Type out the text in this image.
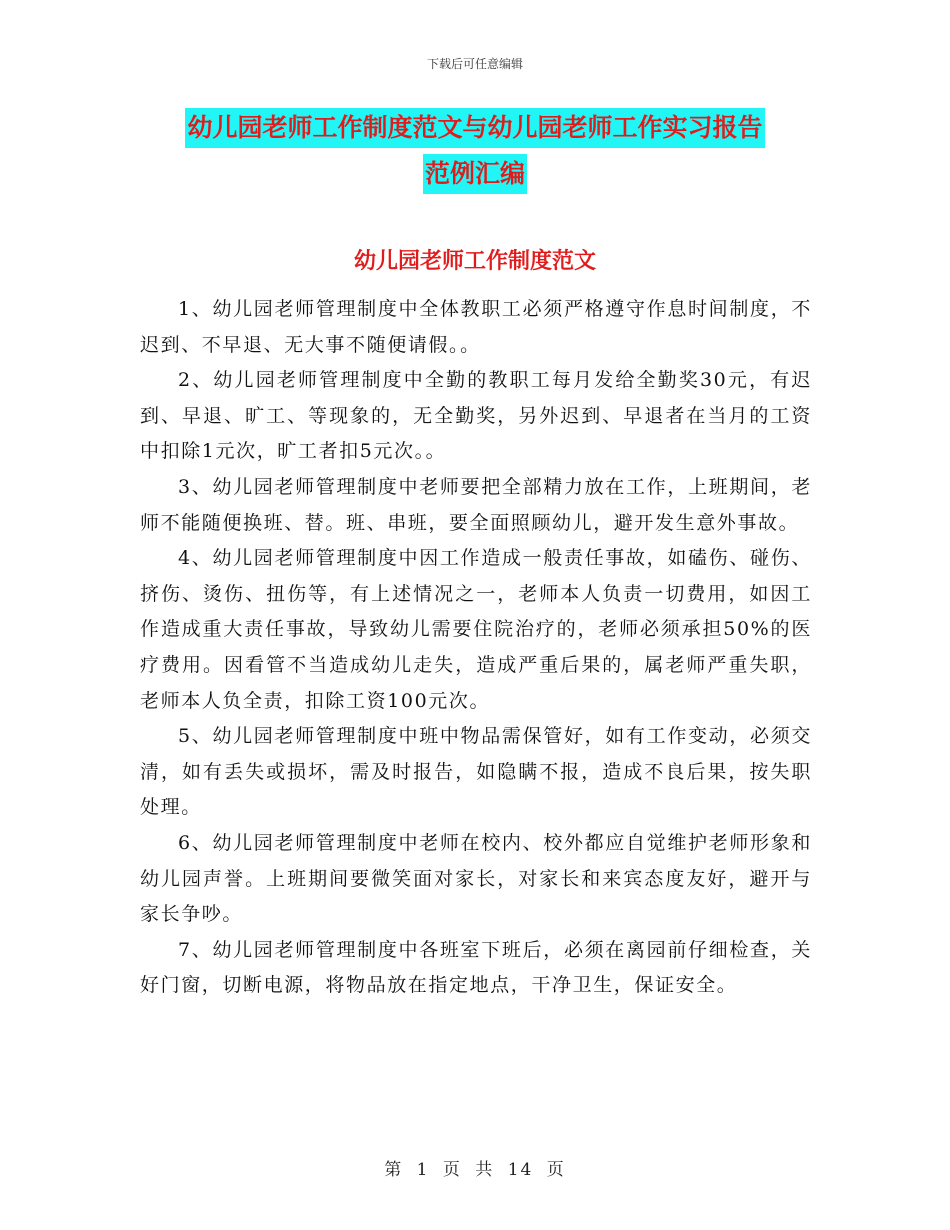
下载后可任意编辑
幼儿园老师工作制度范文与幼儿园老师工作实习报告
范例汇编
幼儿园老师工作制度范文

1、幼儿园老师管理制度中全体教职工必须严格遵守作息时间制度，不迟到、不早退、无大事不随便请假。。

2、幼儿园老师管理制度中全勤的教职工每月发给全勤奖30元，有迟到、早退、旷工、等现象的，无全勤奖，另外迟到、早退者在当月的工资中扣除1元次，旷工者扣5元次。。

3、幼儿园老师管理制度中老师要把全部精力放在工作，上班期间，老师不能随便换班、替。班、串班，要全面照顾幼儿，避开发生意外事故。

4、幼儿园老师管理制度中因工作造成一般责任事故，如磕伤、碰伤、挤伤、烫伤、扭伤等，有上述情况之一，老师本人负责一切费用，如因工作造成重大责任事故，导致幼儿需要住院治疗的，老师必须承担50%的医疗费用。因看管不当造成幼儿走失，造成严重后果的，属老师严重失职，老师本人负全责，扣除工资100元次。

5、幼儿园老师管理制度中班中物品需保管好，如有工作变动，必须交清，如有丢失或损坏，需及时报告，如隐瞒不报，造成不良后果，按失职处理。

6、幼儿园老师管理制度中老师在校内、校外都应自觉维护老师形象和幼儿园声誉。上班期间要微笑面对家长，对家长和来宾态度友好，避开与家长争吵。

7、幼儿园老师管理制度中各班室下班后，必须在离园前仔细检查，关好门窗，切断电源，将物品放在指定地点，干净卫生，保证安全。

第 1 页 共 14 页
